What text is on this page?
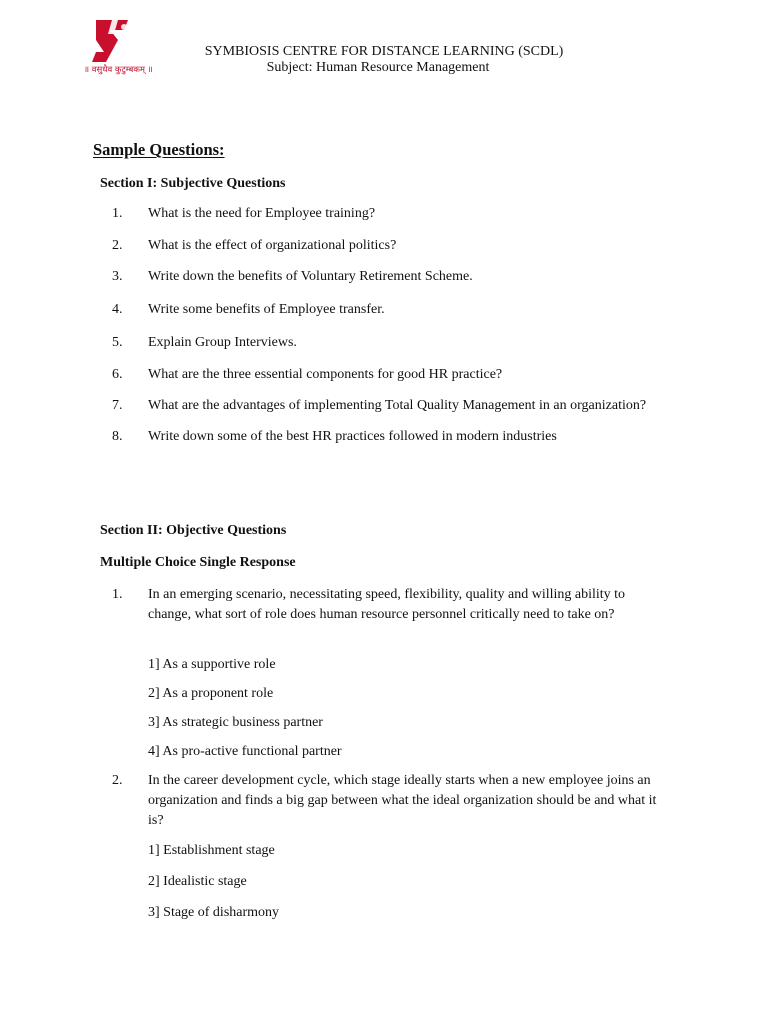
॥ वसुधैव कुटुम्बकम् ॥
SYMBIOSIS CENTRE FOR DISTANCE LEARNING (SCDL)
Subject: Human Resource Management
Sample Questions:
Section I: Subjective Questions
1. What is the need for Employee training?
2. What is the effect of organizational politics?
3. Write down the benefits of Voluntary Retirement Scheme.
4. Write some benefits of Employee transfer.
5. Explain Group Interviews.
6. What are the three essential components for good HR practice?
7. What are the advantages of implementing Total Quality Management in an organization?
8. Write down some of the best HR practices followed in modern industries
Section II: Objective Questions
Multiple Choice Single Response
1. In an emerging scenario, necessitating speed, flexibility, quality and willing ability to change, what sort of role does human resource personnel critically need to take on?
1] As a supportive role
2] As a proponent role
3] As strategic business partner
4] As pro-active functional partner
2. In the career development cycle, which stage ideally starts when a new employee joins an organization and finds a big gap between what the ideal organization should be and what it is?
1] Establishment stage
2] Idealistic stage
3] Stage of disharmony
